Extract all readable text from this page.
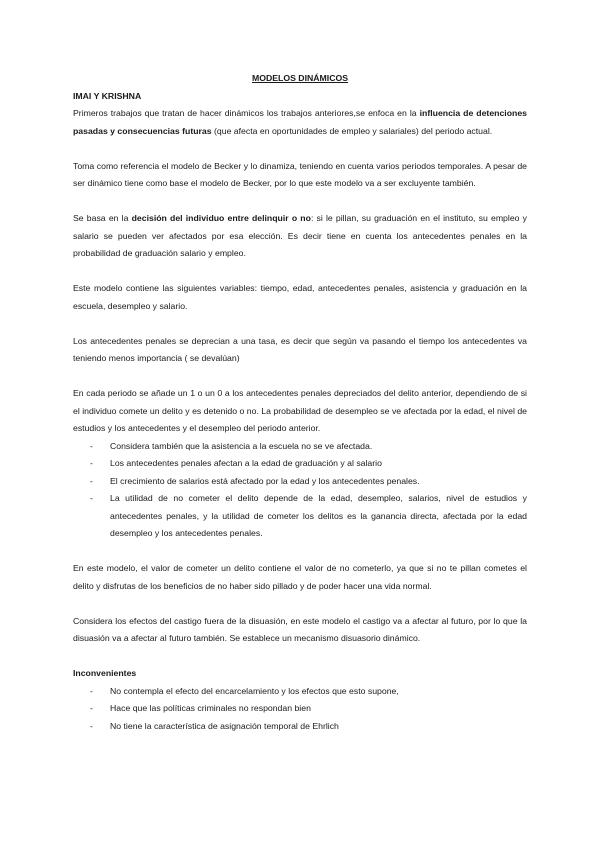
MODELOS DINÁMICOS

IMAI Y KRISHNA

Primeros trabajos que tratan de hacer dinámicos los trabajos anteriores,se enfoca en la influencia de detenciones pasadas y consecuencias futuras (que afecta en oportunidades de empleo y salariales) del periodo actual.

Toma como referencia el modelo de Becker y lo dinamiza, teniendo en cuenta varios periodos temporales. A pesar de ser dinámico tiene como base el modelo de Becker, por lo que este modelo va a ser excluyente también.

Se basa en la decisión del individuo entre delinquir o no: si le pillan, su graduación en el instituto, su empleo y salario se pueden ver afectados por esa elección. Es decir tiene en cuenta los antecedentes penales en la probabilidad de graduación salario y empleo.

Este modelo contiene las siguientes variables: tiempo, edad, antecedentes penales, asistencia y graduación en la escuela, desempleo y salario.

Los antecedentes penales se deprecian a una tasa, es decir que según va pasando el tiempo los antecedentes va teniendo menos importancia ( se devalúan)

En cada periodo se añade un 1 o un 0 a los antecedentes penales depreciados del delito anterior, dependiendo de si el individuo comete un delito y es detenido o no. La probabilidad de desempleo se ve afectada por la edad, el nivel de estudios y los antecedentes y el desempleo del periodo anterior.

- Considera también que la asistencia a la escuela no se ve afectada.
- Los antecedentes penales afectan a la edad de graduación y al salario
- El crecimiento de salarios está afectado por la edad y los antecedentes penales.
- La utilidad de no cometer el delito depende de la edad, desempleo, salarios, nivel de estudios y antecedentes penales, y la utilidad de cometer los delitos es la ganancia directa, afectada por la edad desempleo y los antecedentes penales.

En este modelo, el valor de cometer un delito contiene el valor de no cometerlo, ya que si no te pillan cometes el delito y disfrutas de los beneficios de no haber sido pillado y de poder hacer una vida normal.

Considera los efectos del castigo fuera de la disuasión, en este modelo el castigo va a afectar al futuro, por lo que la disuasión va a afectar al futuro también. Se establece un mecanismo disuasorio dinámico.

Inconvenientes

- No contempla el efecto del encarcelamiento y los efectos que esto supone,
- Hace que las políticas criminales no respondan bien
- No tiene la característica de asignación temporal de Ehrlich
